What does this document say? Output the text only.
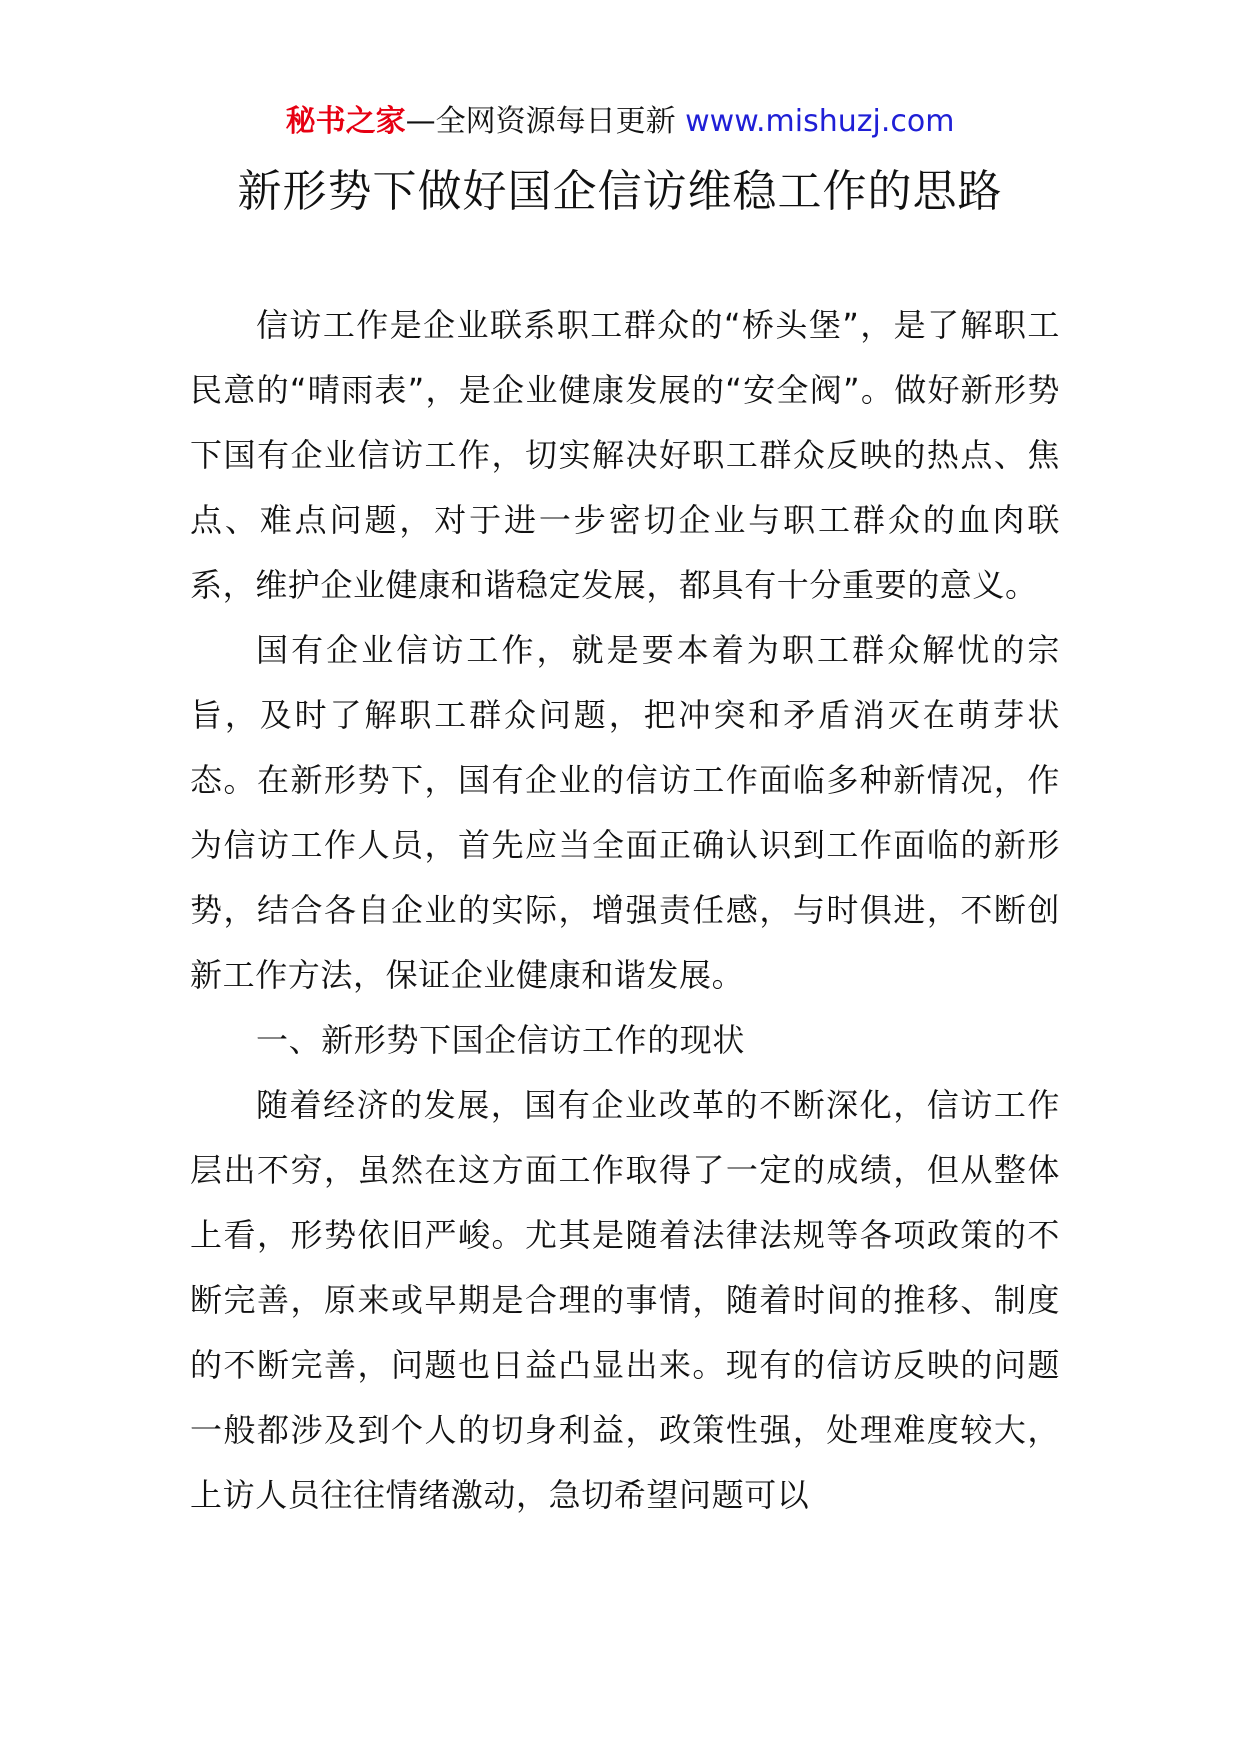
秘书之家—全网资源每日更新 www.mishuzj.com
新形势下做好国企信访维稳工作的思路

信访工作是企业联系职工群众的“桥头堡”，是了解职工民意的“晴雨表”，是企业健康发展的“安全阀”。做好新形势下国有企业信访工作，切实解决好职工群众反映的热点、焦点、难点问题，对于进一步密切企业与职工群众的血肉联系，维护企业健康和谐稳定发展，都具有十分重要的意义。

国有企业信访工作，就是要本着为职工群众解忧的宗旨，及时了解职工群众问题，把冲突和矛盾消灭在萌芽状态。在新形势下，国有企业的信访工作面临多种新情况，作为信访工作人员，首先应当全面正确认识到工作面临的新形势，结合各自企业的实际，增强责任感，与时俱进，不断创新工作方法，保证企业健康和谐发展。

一、新形势下国企信访工作的现状

随着经济的发展，国有企业改革的不断深化，信访工作层出不穷，虽然在这方面工作取得了一定的成绩，但从整体上看，形势依旧严峻。尤其是随着法律法规等各项政策的不断完善，原来或早期是合理的事情，随着时间的推移、制度的不断完善，问题也日益凸显出来。现有的信访反映的问题一般都涉及到个人的切身利益，政策性强，处理难度较大，上访人员往往情绪激动，急切希望问题可以
